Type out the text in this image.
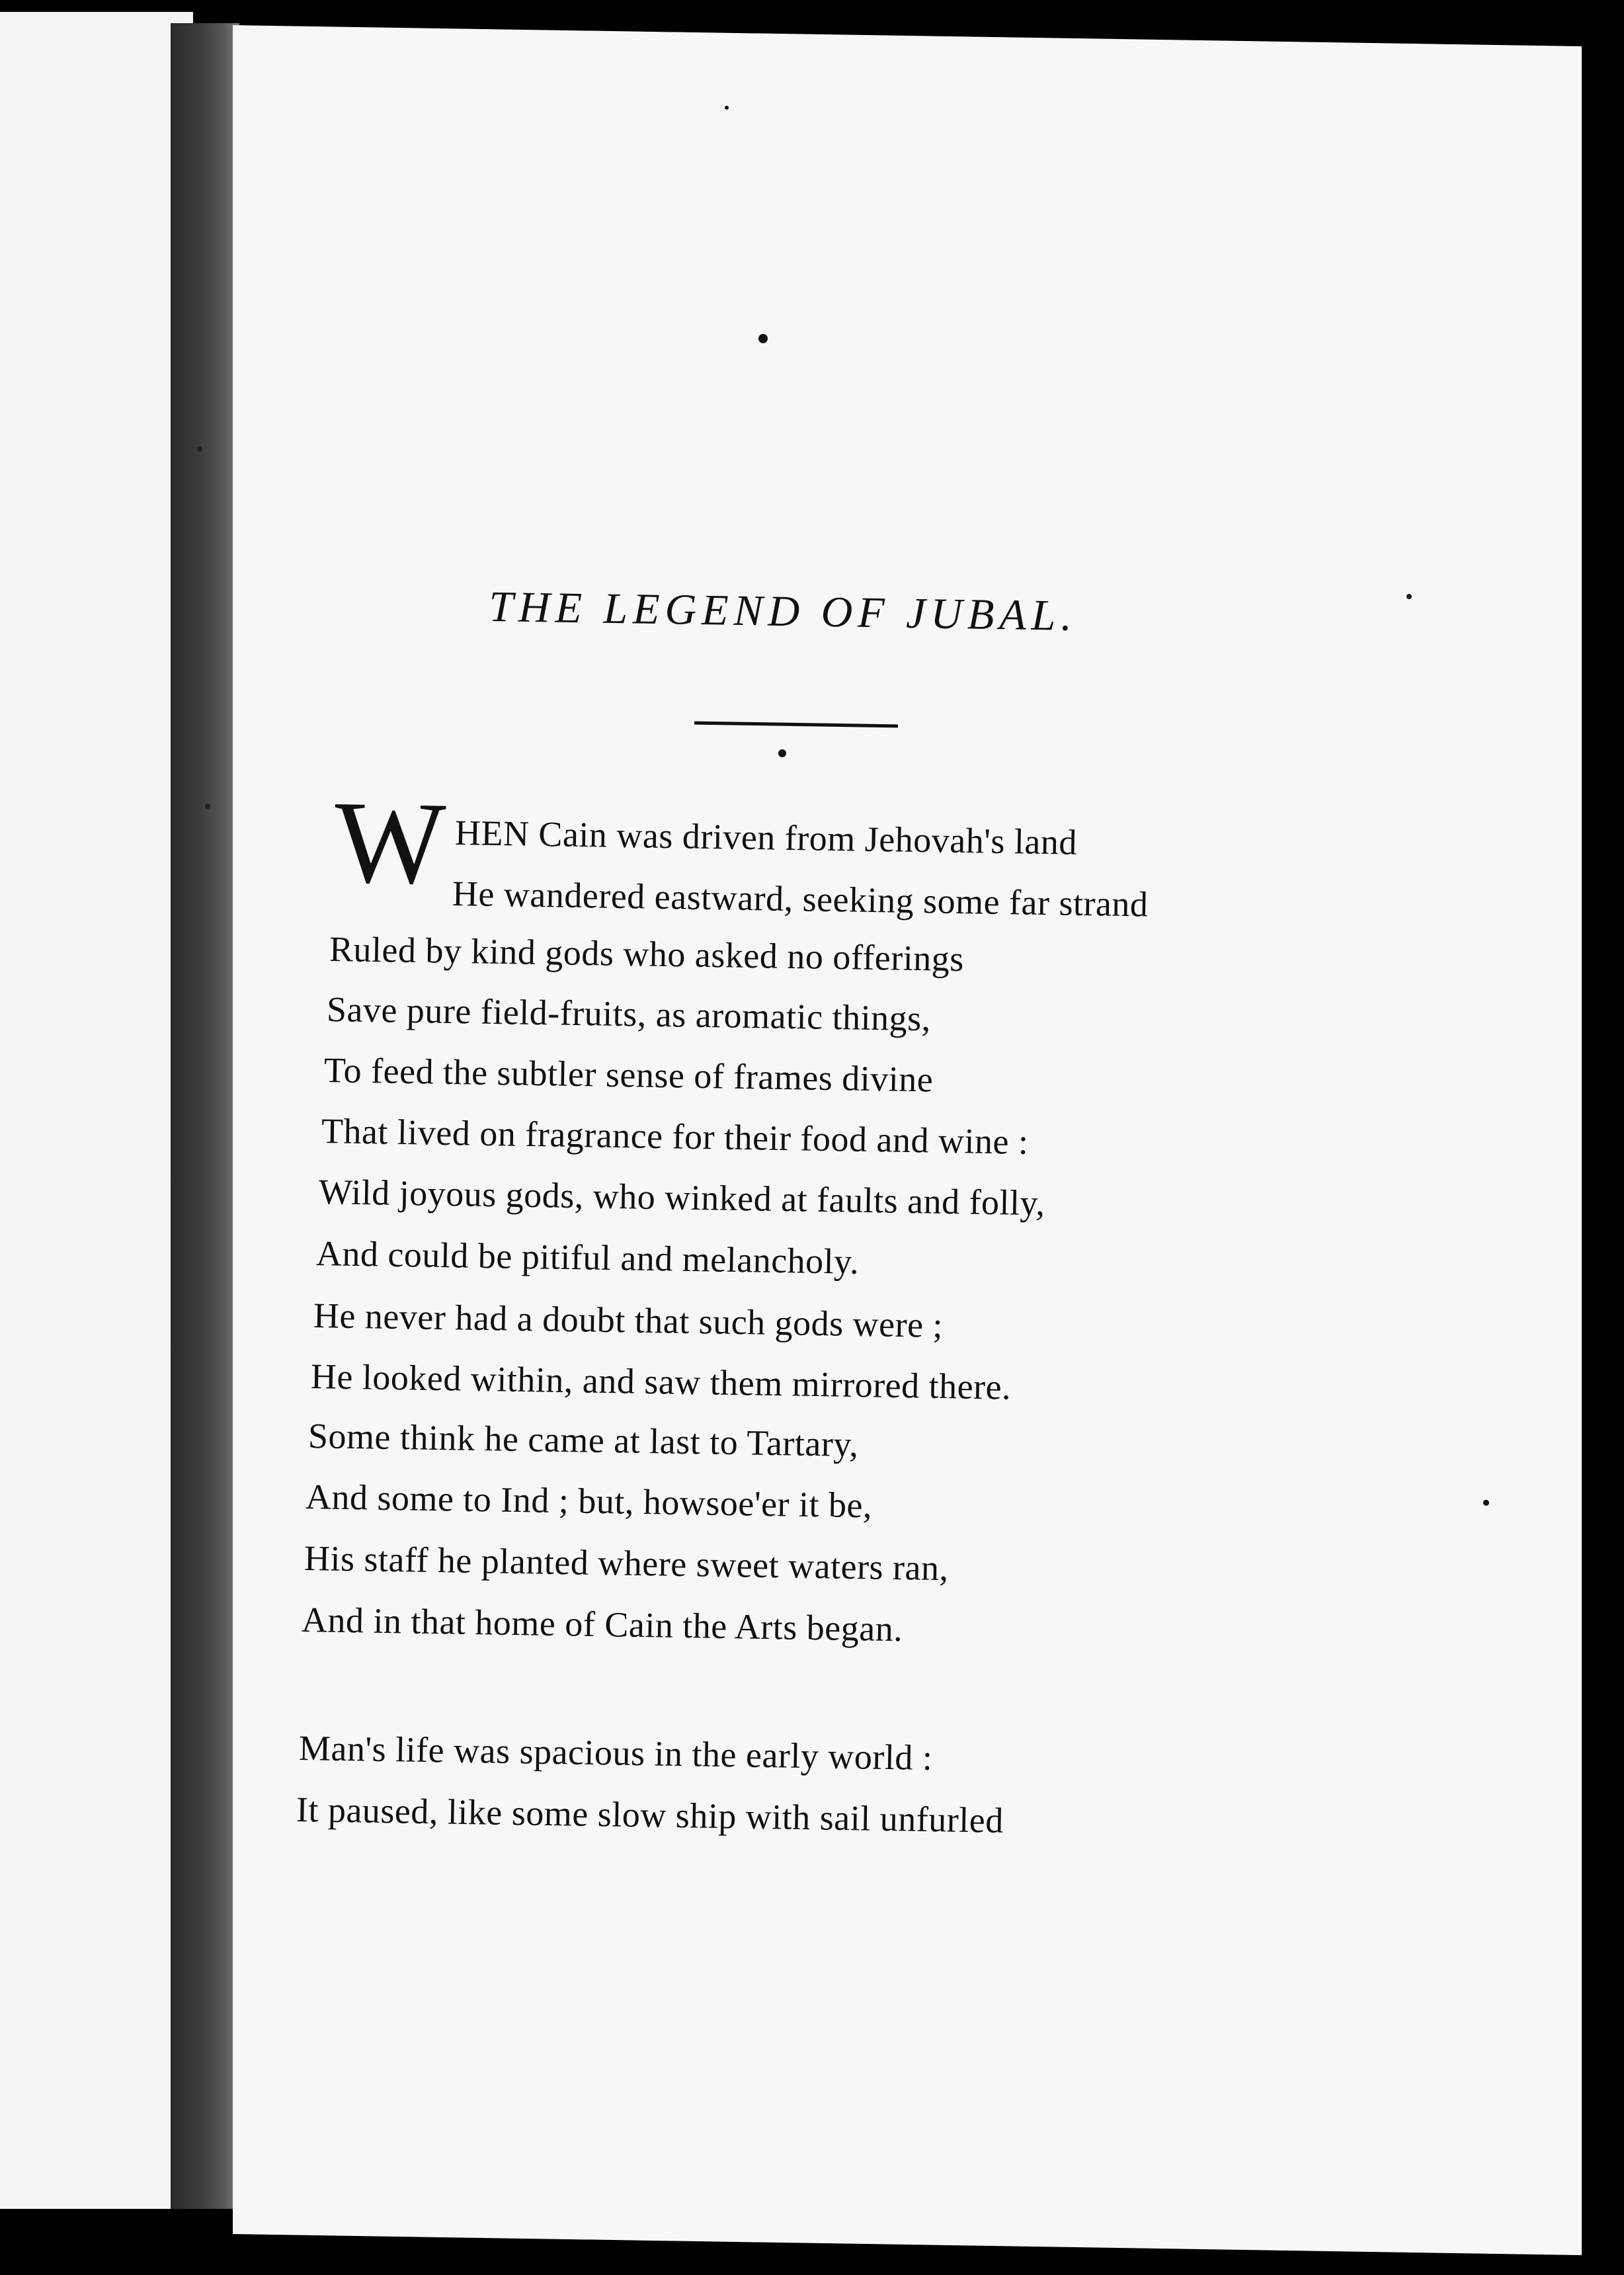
THE LEGEND OF JUBAL.
W HEN Cain was driven from Jehovah's land
He wandered eastward, seeking some far strand
Ruled by kind gods who asked no offerings
Save pure field-fruits, as aromatic things,
To feed the subtler sense of frames divine
That lived on fragrance for their food and wine :
Wild joyous gods, who winked at faults and folly,
And could be pitiful and melancholy.
He never had a doubt that such gods were ;
He looked within, and saw them mirrored there.
Some think he came at last to Tartary,
And some to Ind ; but, howsoe'er it be,
His staff he planted where sweet waters ran,
And in that home of Cain the Arts began.
Man's life was spacious in the early world :
It paused, like some slow ship with sail unfurled
